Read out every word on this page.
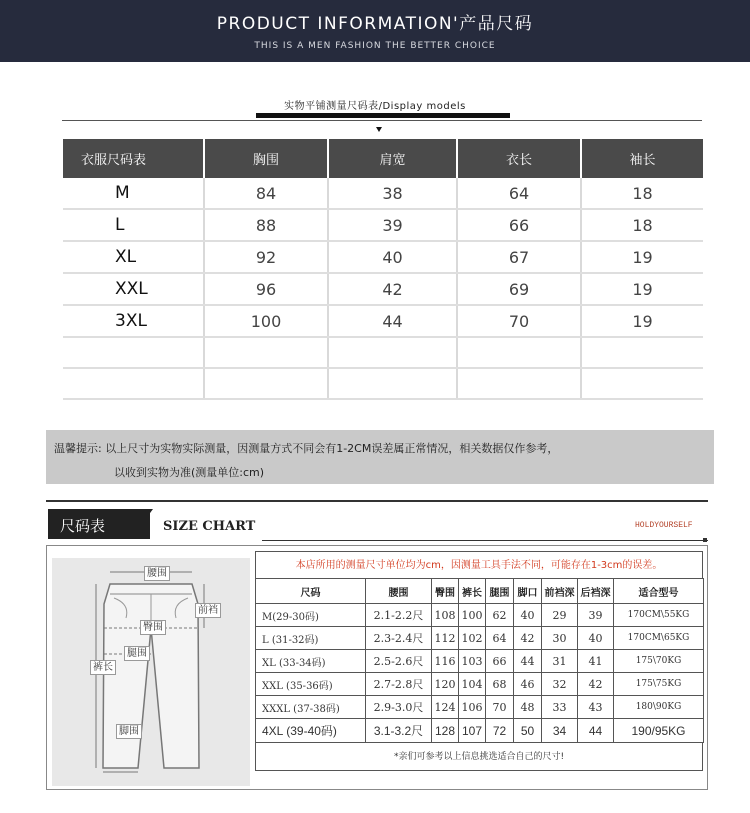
PRODUCT INFORMATION'产品尺码
THIS IS A MEN FASHION THE BETTER CHOICE
实物平铺测量尺码表/Display models
衣服尺码表	胸围	肩宽	衣长	袖长
M	84	38	64	18
L	88	39	66	18
XL	92	40	67	19
XXL	96	42	69	19
3XL	100	44	70	19

温馨提示: 以上尺寸为实物实际测量，因测量方式不同会有1-2CM误差属正常情况，相关数据仅作参考，
以收到实物为准(测量单位:cm)
尺码表	SIZE CHART	HOLDYOURSELF
腰围
前裆
臀围
腿围
裤长
脚围
本店所用的测量尺寸单位均为cm，因测量工具手法不同，可能存在1-3cm的误差。
尺码	腰围	臀围	裤长	腿围	脚口	前裆深	后裆深	适合型号
M(29-30码)	2.1-2.2尺	108	100	62	40	29	39	170CM\55KG
L (31-32码)	2.3-2.4尺	112	102	64	42	30	40	170CM\65KG
XL (33-34码)	2.5-2.6尺	116	103	66	44	31	41	175\70KG
XXL (35-36码)	2.7-2.8尺	120	104	68	46	32	42	175\75KG
XXXL (37-38码)	2.9-3.0尺	124	106	70	48	33	43	180\90KG
4XL (39-40码)	3.1-3.2尺	128	107	72	50	34	44	190/95KG
*亲们可参考以上信息挑选适合自己的尺寸!
